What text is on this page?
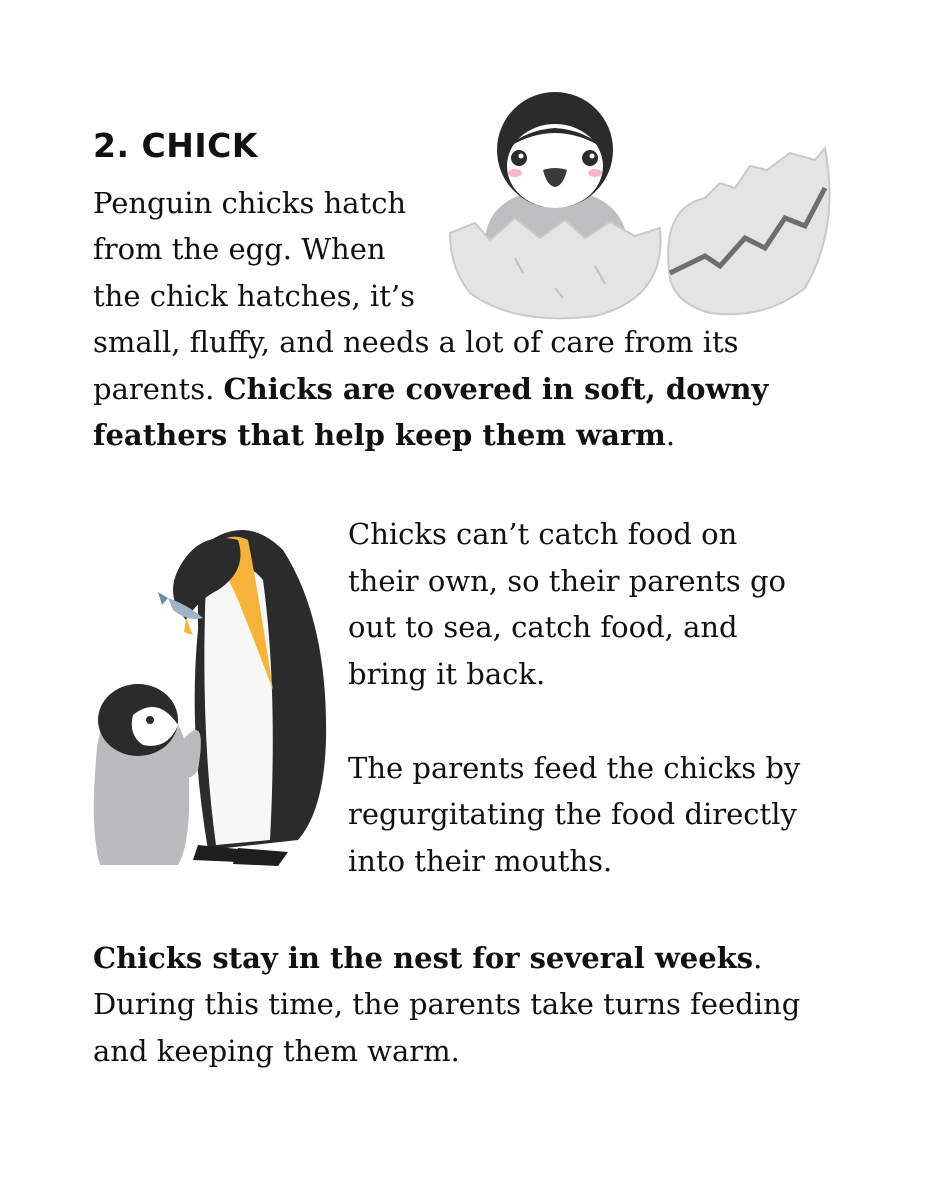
2. CHICK
Penguin chicks hatch
from the egg. When
the chick hatches, it’s
small, fluffy, and needs a lot of care from its
parents. Chicks are covered in soft, downy
feathers that help keep them warm.
Chicks can’t catch food on
their own, so their parents go
out to sea, catch food, and
bring it back.
The parents feed the chicks by
regurgitating the food directly
into their mouths.
Chicks stay in the nest for several weeks.
During this time, the parents take turns feeding
and keeping them warm.
